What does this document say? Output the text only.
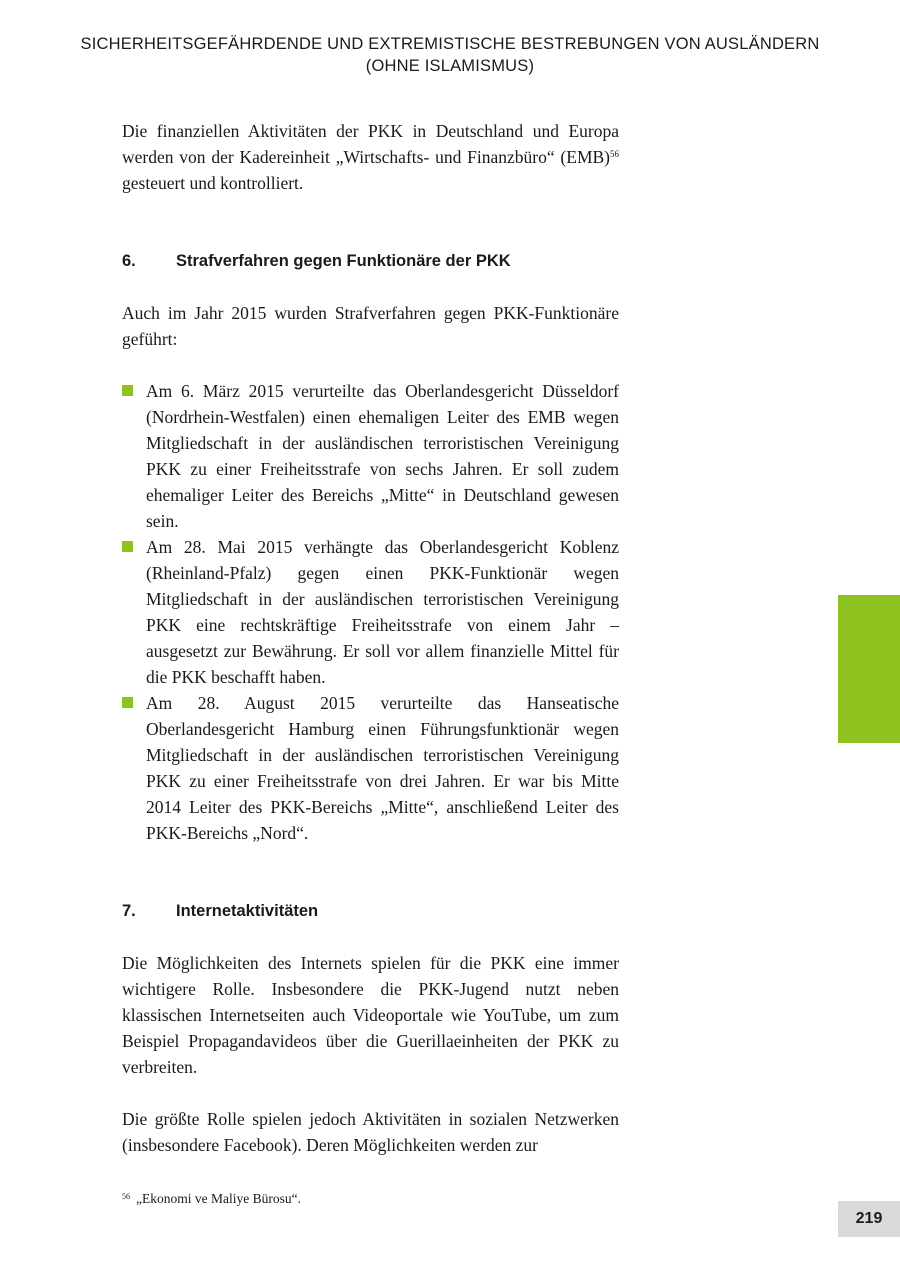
SICHERHEITSGEFÄHRDENDE UND EXTREMISTISCHE BESTREBUNGEN VON AUSLÄNDERN
(OHNE ISLAMISMUS)

Die finanziellen Aktivitäten der PKK in Deutschland und Europa werden von der Kadereinheit „Wirtschafts- und Finanzbüro“ (EMB)$^{56}$ gesteuert und kontrolliert.

6.	Strafverfahren gegen Funktionäre der PKK

Auch im Jahr 2015 wurden Strafverfahren gegen PKK-Funktionäre geführt:

Am 6. März 2015 verurteilte das Oberlandesgericht Düsseldorf (Nordrhein-Westfalen) einen ehemaligen Leiter des EMB wegen Mitgliedschaft in der ausländischen terroristischen Vereinigung PKK zu einer Freiheitsstrafe von sechs Jahren. Er soll zudem ehemaliger Leiter des Bereichs „Mitte“ in Deutschland gewesen sein.
Am 28. Mai 2015 verhängte das Oberlandesgericht Koblenz (Rheinland-Pfalz) gegen einen PKK-Funktionär wegen Mitgliedschaft in der ausländischen terroristischen Vereinigung PKK eine rechtskräftige Freiheitsstrafe von einem Jahr – ausgesetzt zur Bewährung. Er soll vor allem finanzielle Mittel für die PKK beschafft haben.
Am 28. August 2015 verurteilte das Hanseatische Oberlandesgericht Hamburg einen Führungsfunktionär wegen Mitgliedschaft in der ausländischen terroristischen Vereinigung PKK zu einer Freiheitsstrafe von drei Jahren. Er war bis Mitte 2014 Leiter des PKK-Bereichs „Mitte“, anschließend Leiter des PKK-Bereichs „Nord“.
7.	Internetaktivitäten

Die Möglichkeiten des Internets spielen für die PKK eine immer wichtigere Rolle. Insbesondere die PKK-Jugend nutzt neben klassischen Internetseiten auch Videoportale wie YouTube, um zum Beispiel Propagandavideos über die Guerillaeinheiten der PKK zu verbreiten.

Die größte Rolle spielen jedoch Aktivitäten in sozialen Netzwerken (insbesondere Facebook). Deren Möglichkeiten werden zur

$^{56}$ „Ekonomi ve Maliye Bürosu“.
219
